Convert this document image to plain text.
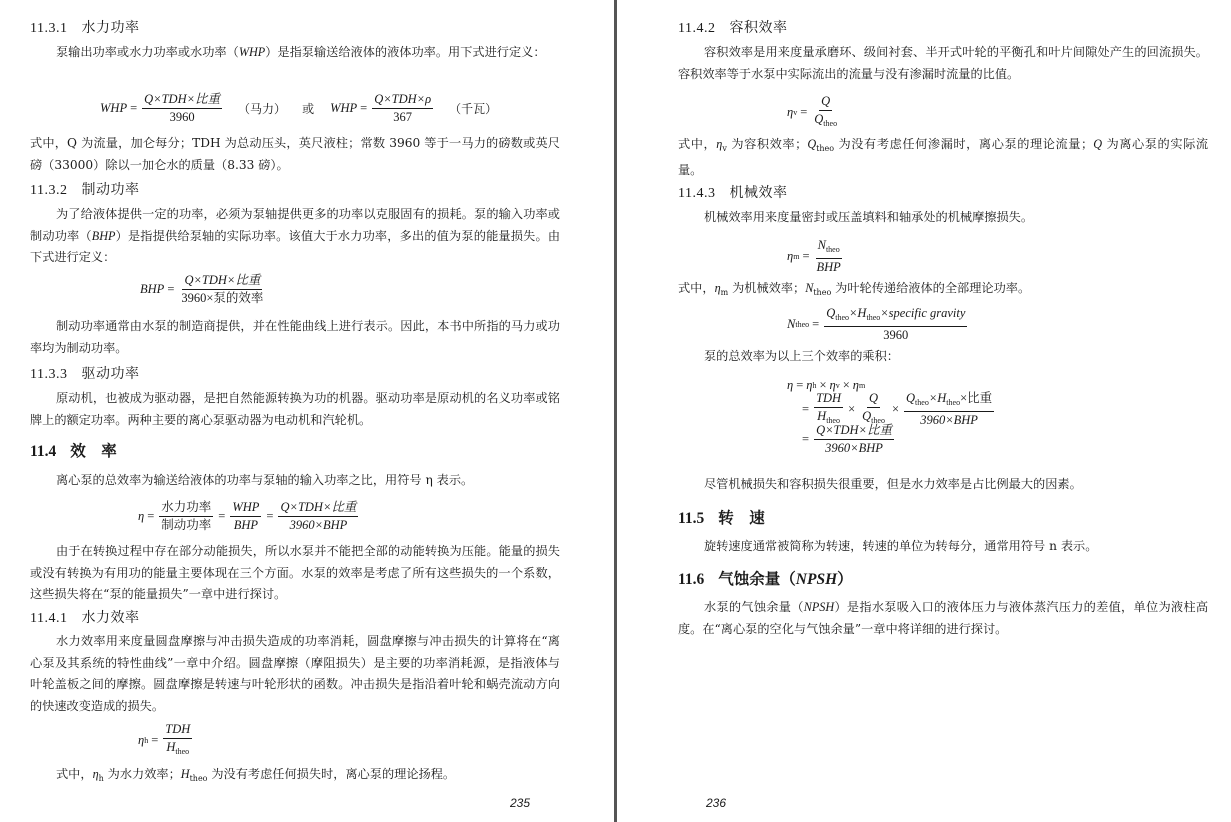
11.3.1 水力功率
泵输出功率或水力功率或水功率（WHP）是指泵输送给液体的液体功率。用下式进行定义：
WHP = $\frac{\text{Q×TDH×比重}}{3960}$ （马力） 或 WHP = $\frac{\text{Q×TDH×ρ}}{367}$ （千瓦）
式中，Q 为流量，加仑每分；TDH 为总动压头，英尺液柱；常数 3960 等于一马力的磅数或英尺磅（33000）除以一加仑水的质量（8.33 磅）。
11.3.2 制动功率
为了给液体提供一定的功率，必须为泵轴提供更多的功率以克服固有的损耗。泵的输入功率或制动功率（BHP）是指提供给泵轴的实际功率。该值大于水力功率，多出的值为泵的能量损失。由下式进行定义：
BHP = $\frac{\text{Q×TDH×比重}}{\text{3960×泵的效率}}$
制动功率通常由水泵的制造商提供，并在性能曲线上进行表示。因此，本书中所指的马力或功率均为制动功率。
11.3.3 驱动功率
原动机，也被成为驱动器，是把自然能源转换为功的机器。驱动功率是原动机的名义功率或铭牌上的额定功率。两种主要的离心泵驱动器为电动机和汽轮机。
11.4 效　率
离心泵的总效率为输送给液体的功率与泵轴的输入功率之比，用符号 η 表示。
$\eta = \frac{\text{水力功率}}{\text{制动功率}} = \frac{\text{WHP}}{\text{BHP}} = \frac{\text{Q×TDH×比重}}{\text{3960×BHP}}$
由于在转换过程中存在部分动能损失，所以水泵并不能把全部的动能转换为压能。能量的损失或没有转换为有用功的能量主要体现在三个方面。水泵的效率是考虑了所有这些损失的一个系数，这些损失将在“泵的能量损失”一章中进行探讨。
11.4.1 水力效率
水力效率用来度量圆盘摩擦与冲击损失造成的功率消耗，圆盘摩擦与冲击损失的计算将在“离心泵及其系统的特性曲线”一章中介绍。圆盘摩擦（摩阻损失）是主要的功率消耗源，是指液体与叶轮盖板之间的摩擦。圆盘摩擦是转速与叶轮形状的函数。冲击损失是指沿着叶轮和蜗壳流动方向的快速改变造成的损失。
η $h = \frac{\text{TDH}}{H_{theo}}$
式中，$\eta_h$ 为水力效率；$H_{theo}$ 为没有考虑任何损失时，离心泵的理论扬程。
235
11.4.2 容积效率
容积效率是用来度量承磨环、级间衬套、半开式叶轮的平衡孔和叶片间隙处产生的回流损失。容积效率等于水泵中实际流出的流量与没有渗漏时流量的比值。
η $v = \frac{Q}{Q_{theo}}$
式中，$\eta_v$ 为容积效率；$Q_{theo}$ 为没有考虑任何渗漏时，离心泵的理论流量；Q 为离心泵的实际流量。
11.4.3 机械效率
机械效率用来度量密封或压盖填料和轴承处的机械摩擦损失。
η $m = \frac{N_{theo}}{\text{BHP}}$
式中，$\eta_m$ 为机械效率；$N_{theo}$ 为叶轮传递给液体的全部理论功率。
N theo = $\frac{Q_{theo}\times H_{theo}\times specific gravity}{3960}$
泵的总效率为以上三个效率的乘积：
η = η h × η v × η m
= $\frac{\text{TDH}}{H_{theo}} \times \frac{Q}{Q_{theo}} \times \frac{Q_{theo}\times H_{theo}\times 比重}{\text{3960×BHP}}$
= $\frac{\text{Q×TDH×比重}}{\text{3960×BHP}}$
尽管机械损失和容积损失很重要，但是水力效率是占比例最大的因素。
11.5 转　速
旋转速度通常被简称为转速，转速的单位为转每分，通常用符号 n 表示。
11.6 气蚀余量（NPSH）
水泵的气蚀余量（NPSH）是指水泵吸入口的液体压力与液体蒸汽压力的差值，单位为液柱高度。在“离心泵的空化与气蚀余量”一章中将详细的进行探讨。
236
